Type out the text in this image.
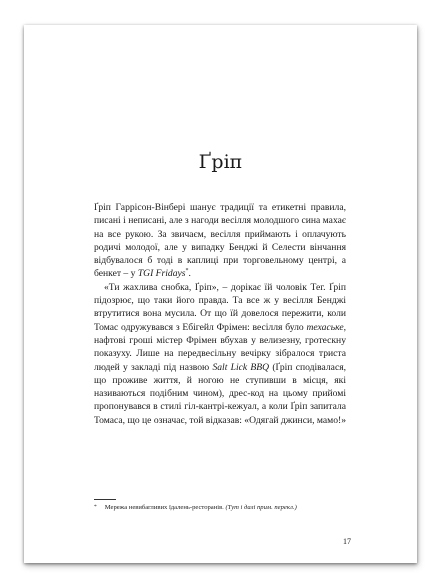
Ґріп

Ґріп Гаррісон-Вінбері шанує традиції та етикетні правила, писані і неписані, але з нагоди весілля молодшого сина махає на все рукою. За звичаєм, весілля приймають і оплачують родичі молодої, але у випадку Бенджі й Селести вінчання відбувалося б тоді в каплиці при торговельному центрі, а бенкет – у TGI Fridays*.

«Ти жахлива снобка, Ґріп», – дорікає їй чоловік Тег. Ґріп підозрює, що таки його правда. Та все ж у весілля Бенджі втрутитися вона мусила. От що їй довелося пережити, коли Томас одружувався з Ебігейл Фрімен: весілля було техаське, нафтові гроші містер Фрімен вбухав у велизезну, гротескну показуху. Лише на передвесільну вечірку зібралося триста людей у закладі під назвою Salt Lick BBQ (Ґріп сподівалася, що проживе життя, й ногою не ступивши в місця, які називаються подібним чином), дрес-код на цьому прийомі пропонувався в стилі гіл-кантрі-кежуал, а коли Ґріп запитала Томаса, що це означає, той відказав: «Одягай джинси, мамо!»

* Мережа невибагливих їдалень-ресторанів. (Тут і далі прим. перекл.)
17
